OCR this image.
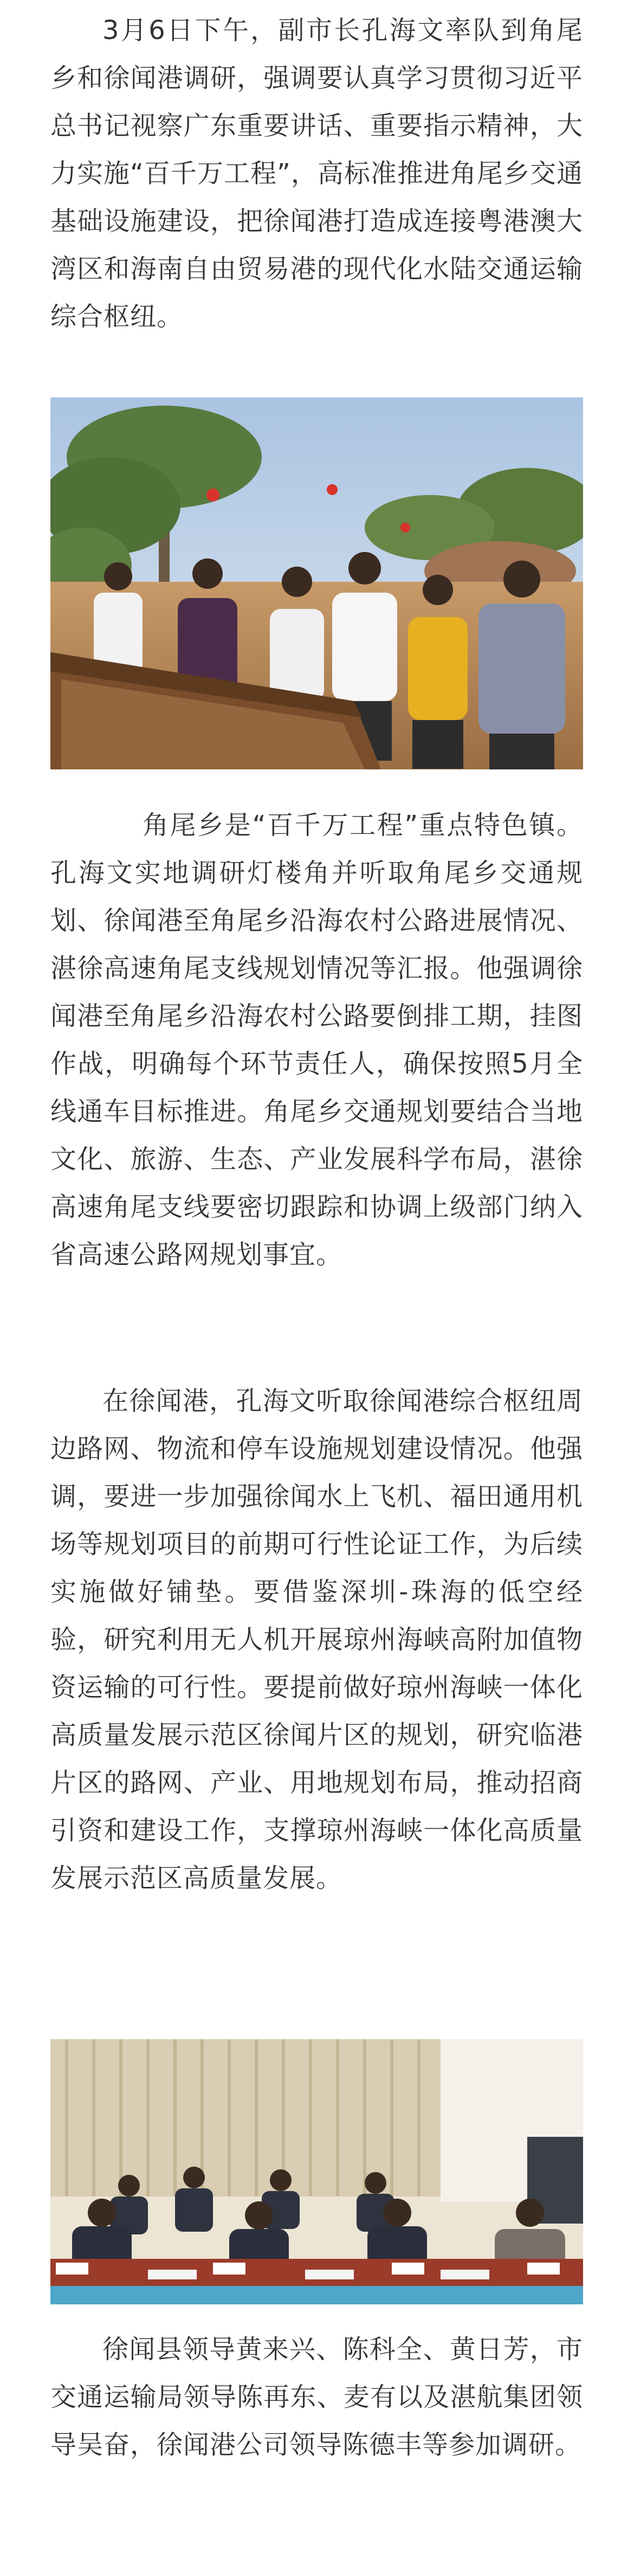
3月6日下午，副市长孔海文率队到角尾乡和徐闻港调研，强调要认真学习贯彻习近平总书记视察广东重要讲话、重要指示精神，大力实施“百千万工程”，高标准推进角尾乡交通基础设施建设，把徐闻港打造成连接粤港澳大湾区和海南自由贸易港的现代化水陆交通运输综合枢纽。

角尾乡是“百千万工程”重点特色镇。孔海文实地调研灯楼角并听取角尾乡交通规划、徐闻港至角尾乡沿海农村公路进展情况、湛徐高速角尾支线规划情况等汇报。他强调徐闻港至角尾乡沿海农村公路要倒排工期，挂图作战，明确每个环节责任人，确保按照5月全线通车目标推进。角尾乡交通规划要结合当地文化、旅游、生态、产业发展科学布局，湛徐高速角尾支线要密切跟踪和协调上级部门纳入省高速公路网规划事宜。

在徐闻港，孔海文听取徐闻港综合枢纽周边路网、物流和停车设施规划建设情况。他强调，要进一步加强徐闻水上飞机、福田通用机场等规划项目的前期可行性论证工作，为后续实施做好铺垫。要借鉴深圳-珠海的低空经验，研究利用无人机开展琼州海峡高附加值物资运输的可行性。要提前做好琼州海峡一体化高质量发展示范区徐闻片区的规划，研究临港片区的路网、产业、用地规划布局，推动招商引资和建设工作，支撑琼州海峡一体化高质量发展示范区高质量发展。

徐闻县领导黄来兴、陈科全、黄日芳，市交通运输局领导陈再东、麦有以及湛航集团领导吴奋，徐闻港公司领导陈德丰等参加调研。
